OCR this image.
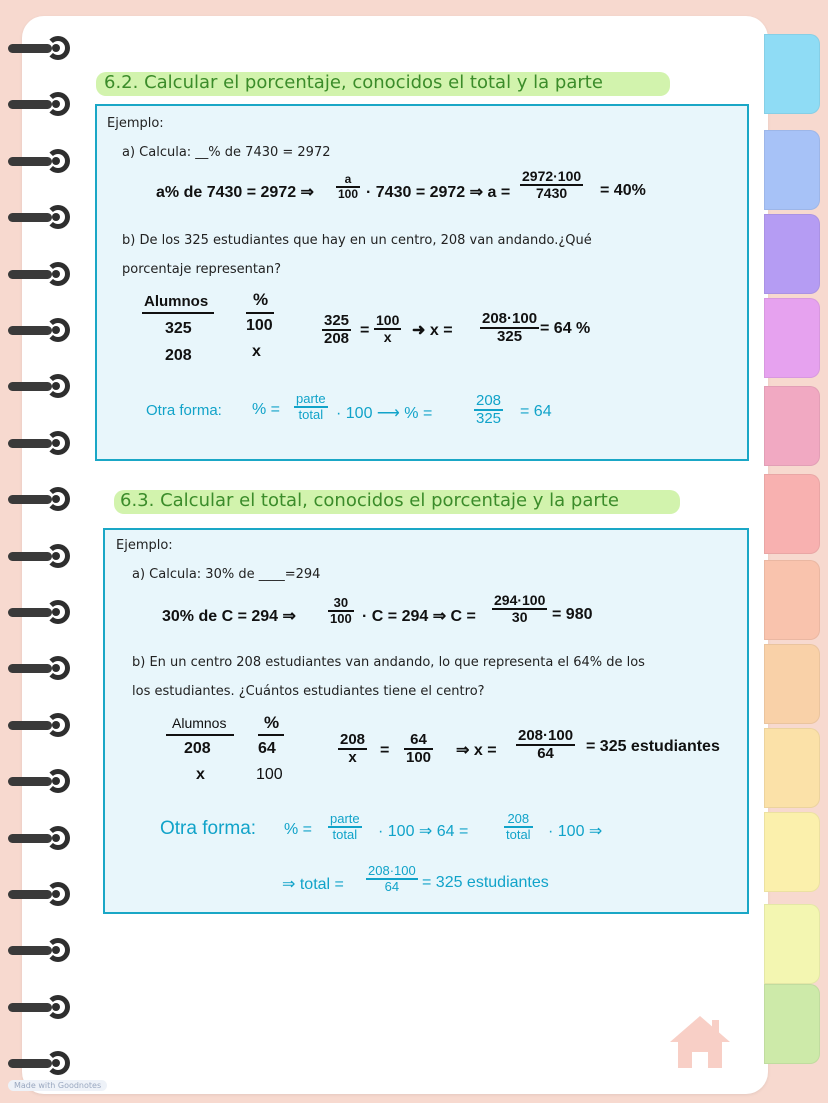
6.2. Calcular el porcentaje, conocidos el total y la parte
Ejemplo:
a) Calcula: __% de 7430 = 2972
a% de 7430 = 2972 ⇒ $\frac{a}{100} \cdot 7430 = 2972$ ⇒ $a = \frac{2972\cdot 100}{7430} = 40\%$
b) De los 325 estudiantes que hay en un centro, 208 van andando.¿Qué
porcentaje representan?
Alumnos	%
325	100
208	x
$\frac{325}{208} = \frac{100}{x}$ ➜ $x = \frac{208\cdot 100}{325} = 64$ %
Otra forma: % =
parte
total · 100 ⟶ % =	$\frac{208}{325} = 64$
6.3. Calcular el total, conocidos el porcentaje y la parte
Ejemplo:
a) Calcula: 30% de ____=294
30% de C = 294 ⇒ $\frac{30}{100} \cdot C = 294$ ⇒ $C = \frac{294\cdot 100}{30} = 980$
b) En un centro 208 estudiantes van andando, lo que representa el 64% de los
los estudiantes. ¿Cuántos estudiantes tiene el centro?
Alumnos %
208	64
x	100
$\frac{208}{x} = \frac{64}{100}$ ⇒ $x = \frac{208\cdot 100}{64} = 325$ estudiantes
Otra forma: % =
parte
total · 100 ⇒ 64 =
208
total · 100 ⇒
⇒ total = $\frac{208\cdot 100}{64} = 325$ estudiantes
Made with Goodnotes
